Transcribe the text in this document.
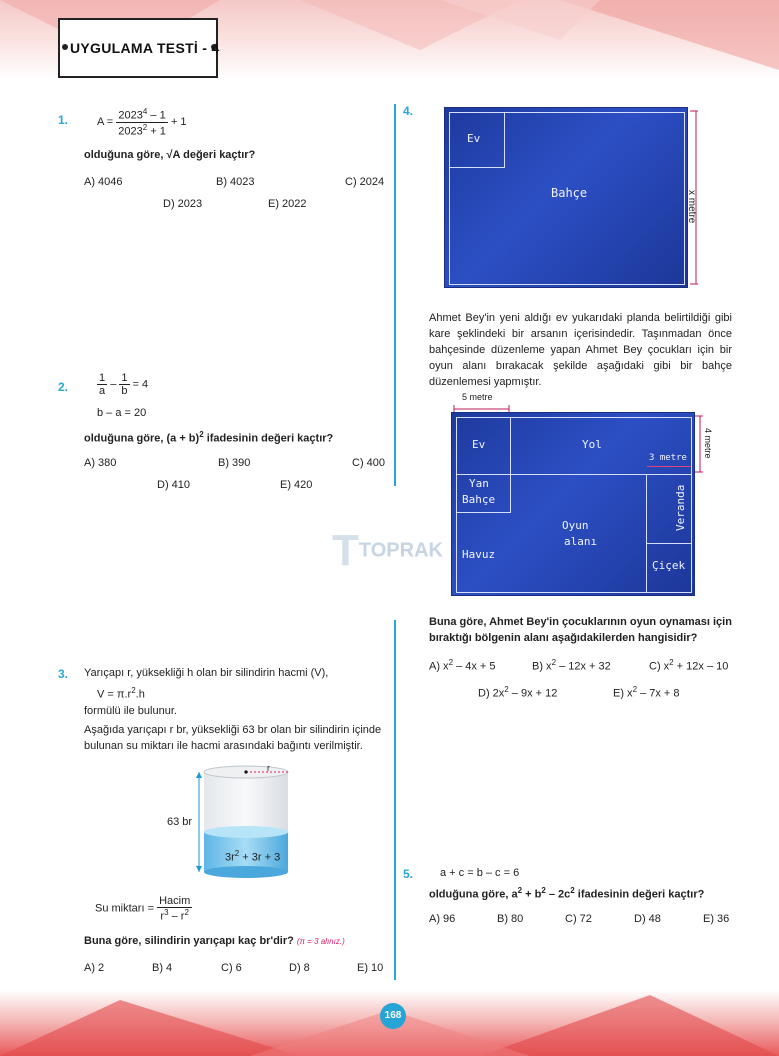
UYGULAMA TESTİ - 4
TTOPRAK
1.	$A = \frac{2023^4 - 1}{2023^2 + 1} + 1$
olduğuna göre, √A değeri kaçtır?
A) 4046	B) 4023	C) 2024
D) 2023	E) 2022
2.	$\frac{1}{a} - \frac{1}{b} = 4$
b – a = 20
olduğuna göre, $(a + b)^2$ ifadesinin değeri kaçtır?
A) 380	B) 390	C) 400
D) 410	E) 420
3. Yarıçapı r, yüksekliği h olan bir silindirin hacmi (V),
$V = \pi.r^2.h$
formülü ile bulunur.
Aşağıda yarıçapı r br, yüksekliği 63 br olan bir silindirin içinde
bulunan su miktarı ile hacmi arasındaki bağıntı verilmiştir.
r
63 br
$3r^2 + 3r + 3$
Su miktarı = $\frac{\text{Hacim}}{r^3 - r^2}$
Buna göre, silindirin yarıçapı kaç br'dir? (π = 3 alınız.)
A) 2	B) 4	C) 6	D) 8	E) 10
4.
Ev
Bahçe	x metre
Ahmet Bey'in yeni aldığı ev yukarıdaki planda belirtildiği gibi kare şeklindeki bir arsanın içerisindedir. Taşınmadan önce bahçesinde düzenleme yapan Ahmet Bey çocukları için bir oyun alanı bırakacak şekilde aşağıdaki gibi bir bahçe düzenlemesi yapmıştır.
5 metre
Ev	Yol
Yan
Bahçe
Oyun
alanı
Havuz
Veranda
Çiçek
3 metre 4 metre
Buna göre, Ahmet Bey'in çocuklarının oyun oynaması için
bıraktığı bölgenin alanı aşağıdakilerden hangisidir?
A) $x^2 - 4x + 5$	B) $x^2 - 12x + 32$	C) $x^2 + 12x - 10$
D) $2x^2 - 9x + 12$	E) $x^2 - 7x + 8$
5. a + c = b – c = 6
olduğuna göre, $a^2 + b^2 - 2c^2$ ifadesinin değeri kaçtır?
A) 96	B) 80	C) 72	D) 48	E) 36
168
